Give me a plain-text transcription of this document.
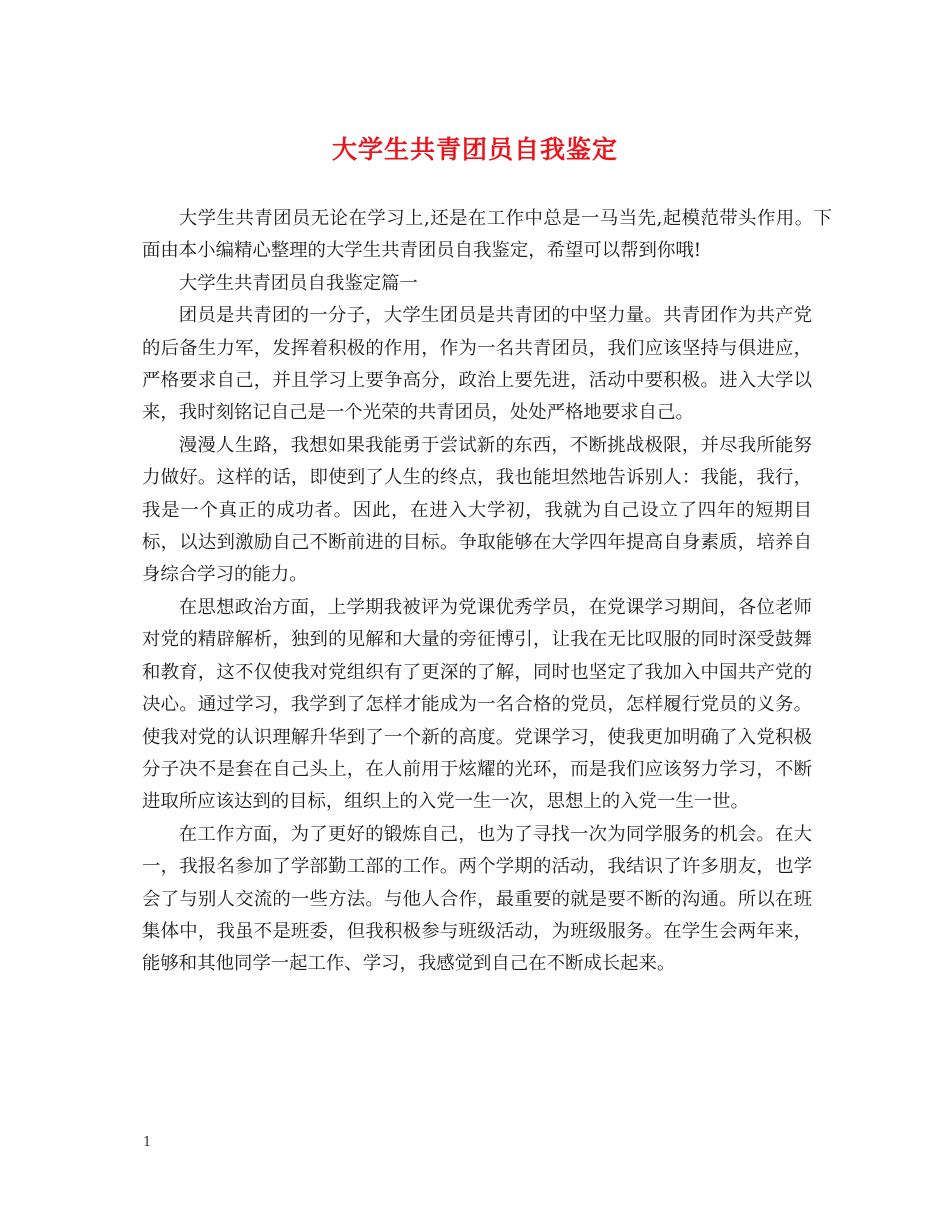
大学生共青团员自我鉴定

大学生共青团员无论在学习上,还是在工作中总是一马当先,起模范带头作用。下面由本小编精心整理的大学生共青团员自我鉴定，希望可以帮到你哦!

大学生共青团员自我鉴定篇一

团员是共青团的一分子，大学生团员是共青团的中坚力量。共青团作为共产党的后备生力军，发挥着积极的作用，作为一名共青团员，我们应该坚持与俱进应，严格要求自己，并且学习上要争高分，政治上要先进，活动中要积极。进入大学以来，我时刻铭记自己是一个光荣的共青团员，处处严格地要求自己。

漫漫人生路，我想如果我能勇于尝试新的东西，不断挑战极限，并尽我所能努力做好。这样的话，即使到了人生的终点，我也能坦然地告诉别人：我能，我行，我是一个真正的成功者。因此，在进入大学初，我就为自己设立了四年的短期目标，以达到激励自己不断前进的目标。争取能够在大学四年提高自身素质，培养自身综合学习的能力。

在思想政治方面，上学期我被评为党课优秀学员，在党课学习期间，各位老师对党的精辟解析，独到的见解和大量的旁征博引，让我在无比叹服的同时深受鼓舞和教育，这不仅使我对党组织有了更深的了解，同时也坚定了我加入中国共产党的决心。通过学习，我学到了怎样才能成为一名合格的党员，怎样履行党员的义务。使我对党的认识理解升华到了一个新的高度。党课学习，使我更加明确了入党积极分子决不是套在自己头上，在人前用于炫耀的光环，而是我们应该努力学习，不断进取所应该达到的目标，组织上的入党一生一次，思想上的入党一生一世。

在工作方面，为了更好的锻炼自己，也为了寻找一次为同学服务的机会。在大一，我报名参加了学部勤工部的工作。两个学期的活动，我结识了许多朋友，也学会了与别人交流的一些方法。与他人合作，最重要的就是要不断的沟通。所以在班集体中，我虽不是班委，但我积极参与班级活动，为班级服务。在学生会两年来，能够和其他同学一起工作、学习，我感觉到自己在不断成长起来。

1
